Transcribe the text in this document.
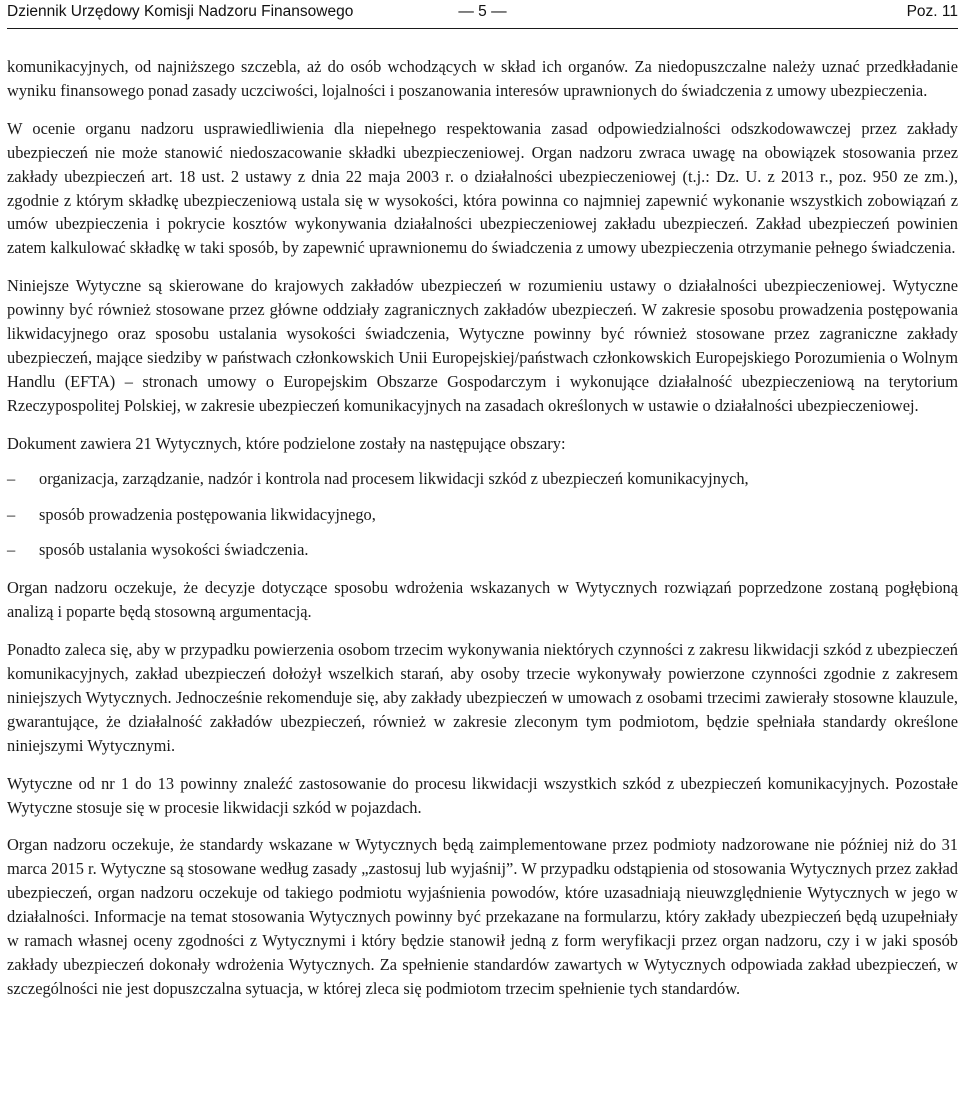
Dziennik Urzędowy Komisji Nadzoru Finansowego	— 5 —	Poz. 11

komunikacyjnych, od najniższego szczebla, aż do osób wchodzących w skład ich organów. Za niedopuszczalne należy uznać przedkładanie wyniku finansowego ponad zasady uczciwości, lojalności i poszanowania interesów uprawnionych do świadczenia z umowy ubezpieczenia.

W ocenie organu nadzoru usprawiedliwienia dla niepełnego respektowania zasad odpowiedzialności odszkodowawczej przez zakłady ubezpieczeń nie może stanowić niedoszacowanie składki ubezpieczeniowej. Organ nadzoru zwraca uwagę na obowiązek stosowania przez zakłady ubezpieczeń art. 18 ust. 2 ustawy z dnia 22 maja 2003 r. o działalności ubezpieczeniowej (t.j.: Dz. U. z 2013 r., poz. 950 ze zm.), zgodnie z którym składkę ubezpieczeniową ustala się w wysokości, która powinna co najmniej zapewnić wykonanie wszystkich zobowiązań z umów ubezpieczenia i pokrycie kosztów wykonywania działalności ubezpieczeniowej zakładu ubezpieczeń. Zakład ubezpieczeń powinien zatem kalkulować składkę w taki sposób, by zapewnić uprawnionemu do świadczenia z umowy ubezpieczenia otrzymanie pełnego świadczenia.

Niniejsze Wytyczne są skierowane do krajowych zakładów ubezpieczeń w rozumieniu ustawy o działalności ubezpieczeniowej. Wytyczne powinny być również stosowane przez główne oddziały zagranicznych zakładów ubezpieczeń. W zakresie sposobu prowadzenia postępowania likwidacyjnego oraz sposobu ustalania wysokości świadczenia, Wytyczne powinny być również stosowane przez zagraniczne zakłady ubezpieczeń, mające siedziby w państwach członkowskich Unii Europejskiej/państwach członkowskich Europejskiego Porozumienia o Wolnym Handlu (EFTA) – stronach umowy o Europejskim Obszarze Gospodarczym i wykonujące działalność ubezpieczeniową na terytorium Rzeczypospolitej Polskiej, w zakresie ubezpieczeń komunikacyjnych na zasadach określonych w ustawie o działalności ubezpieczeniowej.

Dokument zawiera 21 Wytycznych, które podzielone zostały na następujące obszary:

– organizacja, zarządzanie, nadzór i kontrola nad procesem likwidacji szkód z ubezpieczeń komunikacyjnych,
– sposób prowadzenia postępowania likwidacyjnego,
– sposób ustalania wysokości świadczenia.

Organ nadzoru oczekuje, że decyzje dotyczące sposobu wdrożenia wskazanych w Wytycznych rozwiązań poprzedzone zostaną pogłębioną analizą i poparte będą stosowną argumentacją.

Ponadto zaleca się, aby w przypadku powierzenia osobom trzecim wykonywania niektórych czynności z zakresu likwidacji szkód z ubezpieczeń komunikacyjnych, zakład ubezpieczeń dołożył wszelkich starań, aby osoby trzecie wykonywały powierzone czynności zgodnie z zakresem niniejszych Wytycznych. Jednocześnie rekomenduje się, aby zakłady ubezpieczeń w umowach z osobami trzecimi zawierały stosowne klauzule, gwarantujące, że działalność zakładów ubezpieczeń, również w zakresie zleconym tym podmiotom, będzie spełniała standardy określone niniejszymi Wytycznymi.

Wytyczne od nr 1 do 13 powinny znaleźć zastosowanie do procesu likwidacji wszystkich szkód z ubezpieczeń komunikacyjnych. Pozostałe Wytyczne stosuje się w procesie likwidacji szkód w pojazdach.

Organ nadzoru oczekuje, że standardy wskazane w Wytycznych będą zaimplementowane przez podmioty nadzorowane nie później niż do 31 marca 2015 r. Wytyczne są stosowane według zasady „zastosuj lub wyjaśnij”. W przypadku odstąpienia od stosowania Wytycznych przez zakład ubezpieczeń, organ nadzoru oczekuje od takiego podmiotu wyjaśnienia powodów, które uzasadniają nieuwzględnienie Wytycznych w jego w działalności. Informacje na temat stosowania Wytycznych powinny być przekazane na formularzu, który zakłady ubezpieczeń będą uzupełniały w ramach własnej oceny zgodności z Wytycznymi i który będzie stanowił jedną z form weryfikacji przez organ nadzoru, czy i w jaki sposób zakłady ubezpieczeń dokonały wdrożenia Wytycznych. Za spełnienie standardów zawartych w Wytycznych odpowiada zakład ubezpieczeń, w szczególności nie jest dopuszczalna sytuacja, w której zleca się podmiotom trzecim spełnienie tych standardów.
